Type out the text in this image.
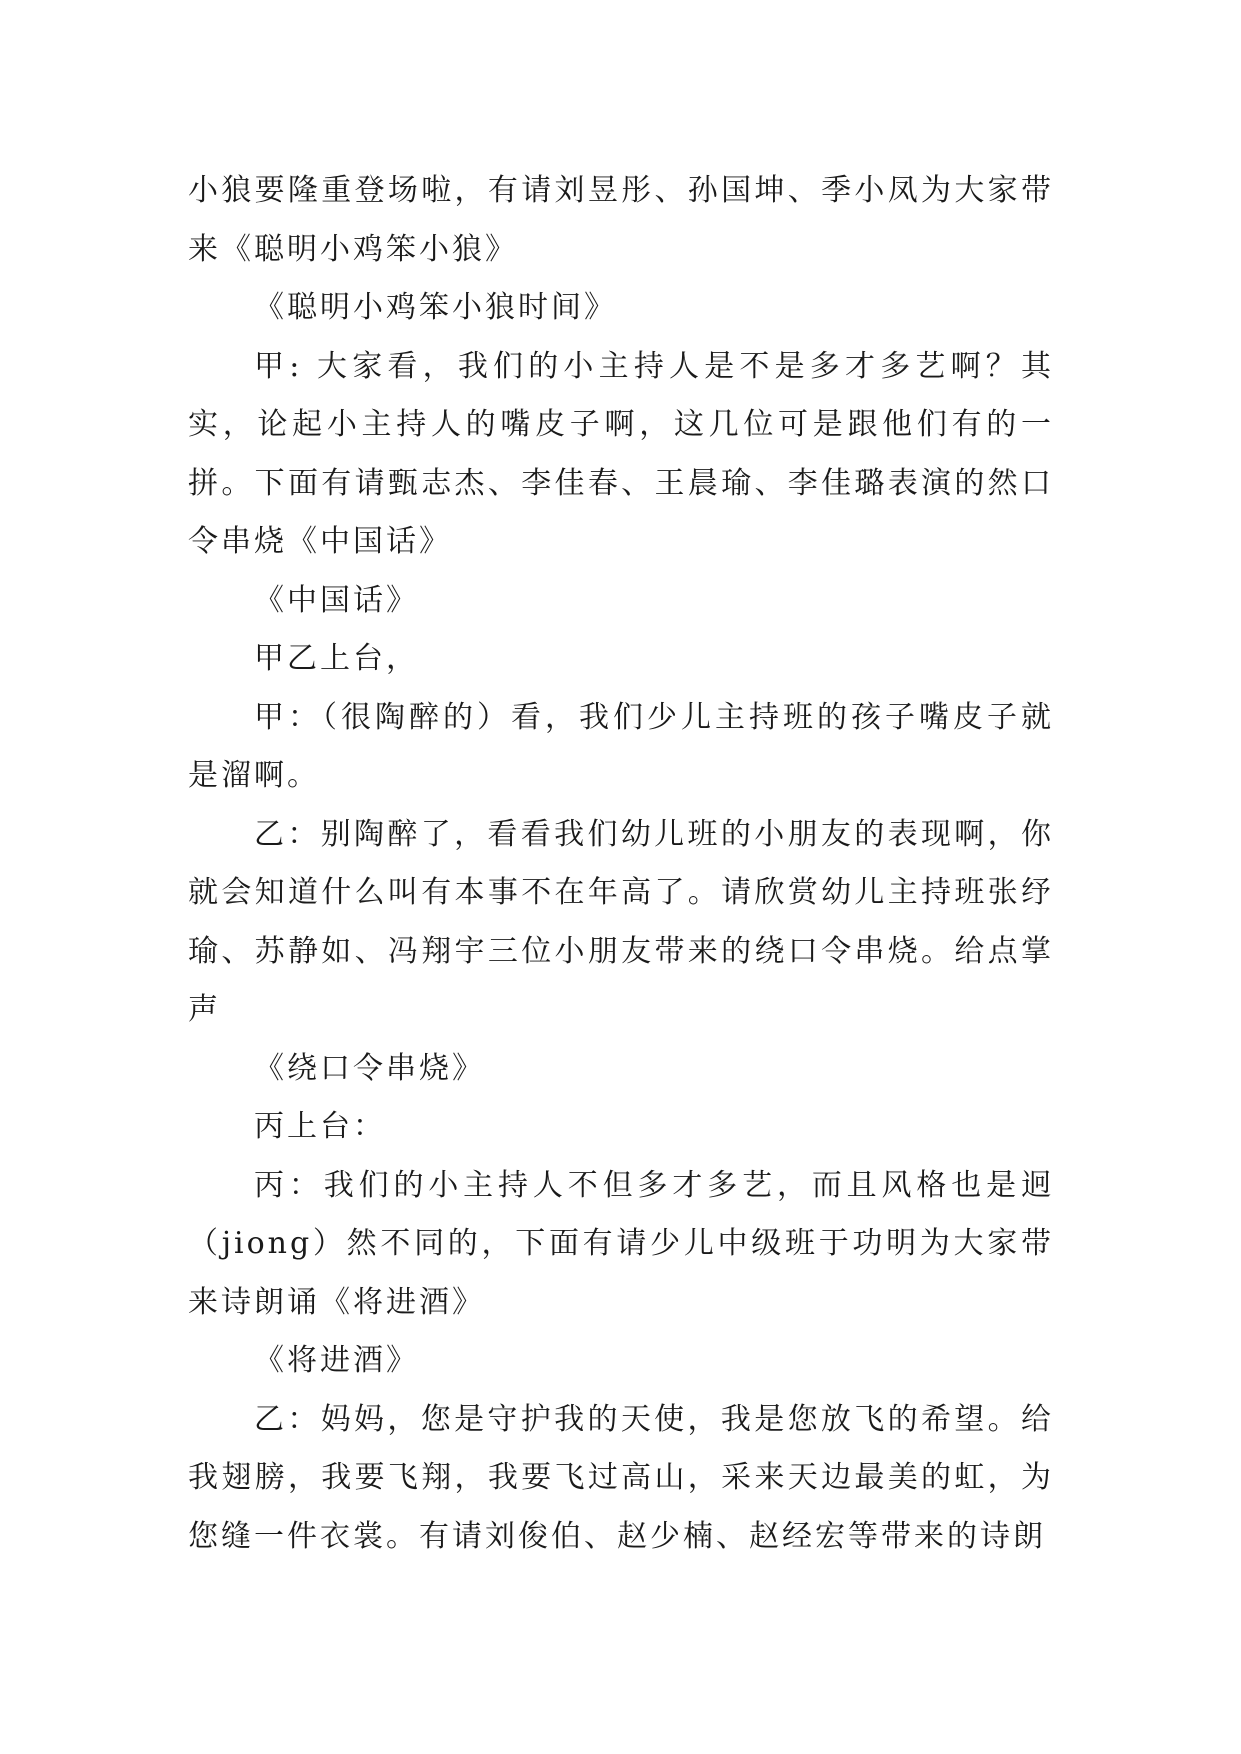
小狼要隆重登场啦，有请刘昱彤、孙国坤、季小凤为大家带来《聪明小鸡笨小狼》

《聪明小鸡笨小狼时间》

甲: 大家看，我们的小主持人是不是多才多艺啊？其实，论起小主持人的嘴皮子啊，这几位可是跟他们有的一拼。下面有请甄志杰、李佳春、王晨瑜、李佳璐表演的然口令串烧《中国话》

《中国话》

甲乙上台，

甲：（很陶醉的）看，我们少儿主持班的孩子嘴皮子就是溜啊。

乙：别陶醉了，看看我们幼儿班的小朋友的表现啊，你就会知道什么叫有本事不在年高了。请欣赏幼儿主持班张纾瑜、苏静如、冯翔宇三位小朋友带来的绕口令串烧。给点掌声

《绕口令串烧》

丙上台：

丙：我们的小主持人不但多才多艺，而且风格也是迥（jiong）然不同的，下面有请少儿中级班于功明为大家带来诗朗诵《将进酒》

《将进酒》

乙：妈妈，您是守护我的天使，我是您放飞的希望。给我翅膀，我要飞翔，我要飞过高山，采来天边最美的虹，为您缝一件衣裳。有请刘俊伯、赵少楠、赵经宏等带来的诗朗
